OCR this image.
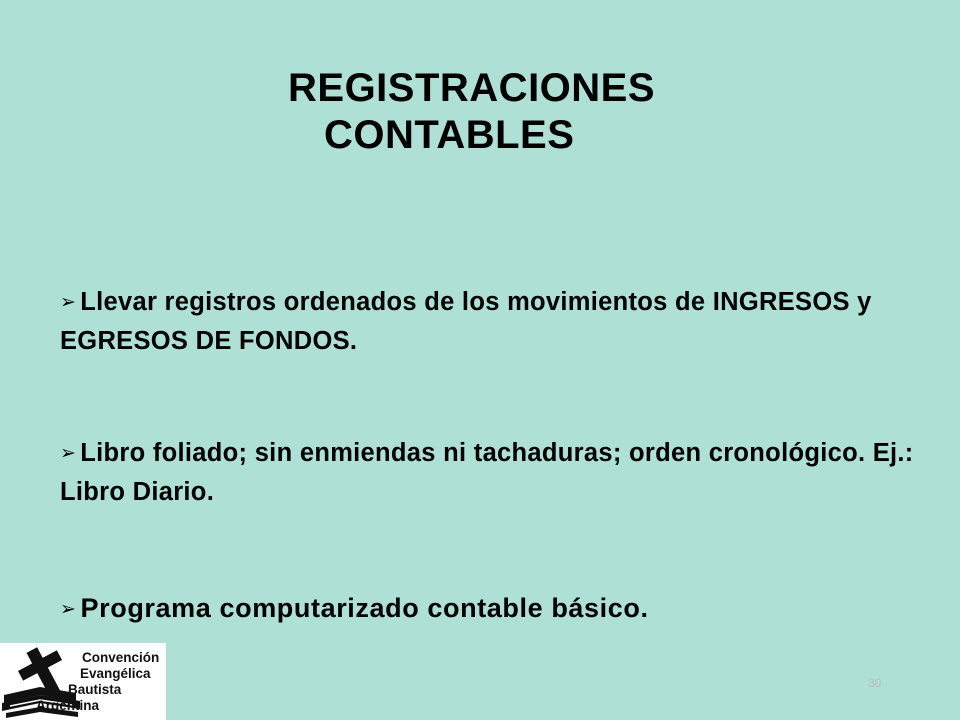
REGISTRACIONES
CONTABLES
➢ Llevar registros ordenados de los movimientos de INGRESOS y EGRESOS DE FONDOS.
➢ Libro foliado; sin enmiendas ni tachaduras; orden cronológico. Ej.: Libro Diario.
➢ Programa computarizado contable básico.
30
Convención
Evangélica
Bautista
Argentina
